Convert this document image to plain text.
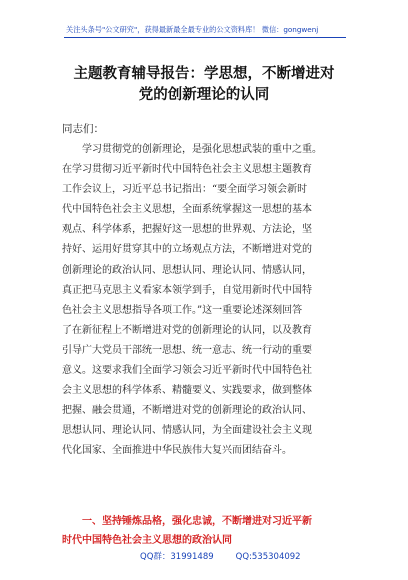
关注头条号"公文研究"，获得最新最全最专业的公文资料库！ 微信：gongwenj
主题教育辅导报告：学思想，不断增进对
党的创新理论的认同
同志们：
　　学习贯彻党的创新理论，是强化思想武装的重中之重。
在学习贯彻习近平新时代中国特色社会主义思想主题教育
工作会议上，习近平总书记指出：“要全面学习领会新时
代中国特色社会主义思想，全面系统掌握这一思想的基本
观点、科学体系，把握好这一思想的世界观、方法论，坚
持好、运用好贯穿其中的立场观点方法，不断增进对党的
创新理论的政治认同、思想认同、理论认同、情感认同，
真正把马克思主义看家本领学到手，自觉用新时代中国特
色社会主义思想指导各项工作。”这一重要论述深刻回答
了在新征程上不断增进对党的创新理论的认同，以及教育
引导广大党员干部统一思想、统一意志、统一行动的重要
意义。这要求我们全面学习领会习近平新时代中国特色社
会主义思想的科学体系、精髓要义、实践要求，做到整体
把握、融会贯通，不断增进对党的创新理论的政治认同、
思想认同、理论认同、情感认同，为全面建设社会主义现
代化国家、全面推进中华民族伟大复兴而团结奋斗。
　　一、坚持锤炼品格，强化忠诚，不断增进对习近平新
时代中国特色社会主义思想的政治认同
QQ群：31991489	QQ:535304092
